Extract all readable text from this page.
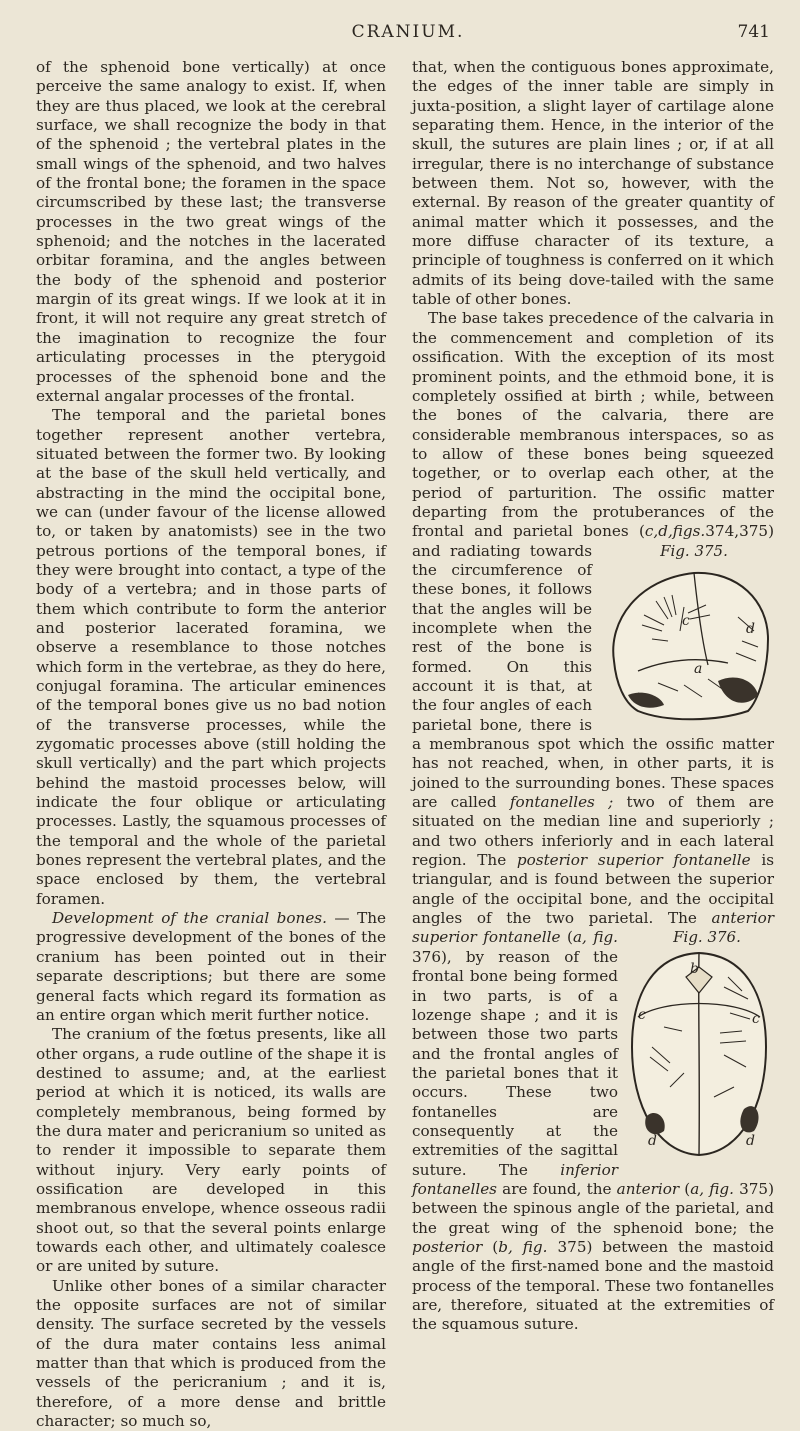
CRANIUM.	741

of the sphenoid bone vertically) at once perceive the same analogy to exist. If, when they are thus placed, we look at the cerebral surface, we shall recognize the body in that of the sphenoid ; the vertebral plates in the small wings of the sphenoid, and two halves of the frontal bone; the foramen in the space circumscribed by these last; the transverse processes in the two great wings of the sphenoid; and the notches in the lacerated orbitar foramina, and the angles between the body of the sphenoid and posterior margin of its great wings. If we look at it in front, it will not require any great stretch of the imagination to recognize the four articulating processes in the pterygoid processes of the sphenoid bone and the external angalar processes of the frontal.

The temporal and the parietal bones together represent another vertebra, situated between the former two. By looking at the base of the skull held vertically, and abstracting in the mind the occipital bone, we can (under favour of the license allowed to, or taken by anatomists) see in the two petrous portions of the temporal bones, if they were brought into contact, a type of the body of a vertebra; and in those parts of them which contribute to form the anterior and posterior lacerated foramina, we observe a resemblance to those notches which form in the vertebrae, as they do here, conjugal foramina. The articular eminences of the temporal bones give us no bad notion of the transverse processes, while the zygomatic processes above (still holding the skull vertically) and the part which projects behind the mastoid processes below, will indicate the four oblique or articulating processes. Lastly, the squamous processes of the temporal and the whole of the parietal bones represent the vertebral plates, and the space enclosed by them, the vertebral foramen.

Development of the cranial bones. — The progressive development of the bones of the cranium has been pointed out in their separate descriptions; but there are some general facts which regard its formation as an entire organ which merit further notice.

The cranium of the fœtus presents, like all other organs, a rude outline of the shape it is destined to assume; and, at the earliest period at which it is noticed, its walls are completely membranous, being formed by the dura mater and pericranium so united as to render it impossible to separate them without injury. Very early points of ossification are developed in this membranous envelope, whence osseous radii shoot out, so that the several points enlarge towards each other, and ultimately coalesce or are united by suture.

Unlike other bones of a similar character the opposite surfaces are not of similar density. The surface secreted by the vessels of the dura mater contains less animal matter than that which is produced from the vessels of the pericranium ; and it is, therefore, of a more dense and brittle character; so much so,

that, when the contiguous bones approximate, the edges of the inner table are simply in juxta-position, a slight layer of cartilage alone separating them. Hence, in the interior of the skull, the sutures are plain lines ; or, if at all irregular, there is no interchange of substance between them. Not so, however, with the external. By reason of the greater quantity of animal matter which it possesses, and the more diffuse character of its texture, a principle of toughness is conferred on it which admits of its being dove-tailed with the same table of other bones.

The base takes precedence of the calvaria in the commencement and completion of its ossification. With the exception of its most prominent points, and the ethmoid bone, it is completely ossified at birth ; while, between the bones of the calvaria, there are considerable membranous interspaces, so as to allow of these bones being squeezed together, or to overlap each other, at the period of parturition. The ossific matter departing from the protuberances of the frontal and parietal bones (c,d,figs.374,375
Fig. 375.
c	d
a
) and radiating towards the circumference of these bones, it follows that the angles will be incomplete when the rest of the bone is formed. On this account it is that, at the four angles of each parietal bone, there is a membranous spot which the ossific matter has not reached, when, in other parts, it is joined to the surrounding bones. These spaces are called fontanelles ; two of them are situated on the median line and superiorly ; and two others inferiorly and in each lateral region. The posterior superior fontanelle is triangular, and is found between the superior angle of the occipital bone, and the occipital angles of the two parietal. The anterior superior fontanelle (a, fig.	Fig. 376.
b
c	c
d	d
376), by reason of the frontal bone being formed in two parts, is of a lozenge shape ; and it is between those two parts and the frontal angles of the parietal bones that it occurs. These two fontanelles are consequently at the extremities of the sagittal suture. The inferior fontanelles are found, the anterior (a, fig. 375) between the spinous angle of the parietal, and the great wing of the sphenoid bone; the posterior (b, fig. 375) between the mastoid angle of the first-named bone and the mastoid process of the temporal. These two fontanelles are, therefore, situated at the extremities of the squamous suture.
